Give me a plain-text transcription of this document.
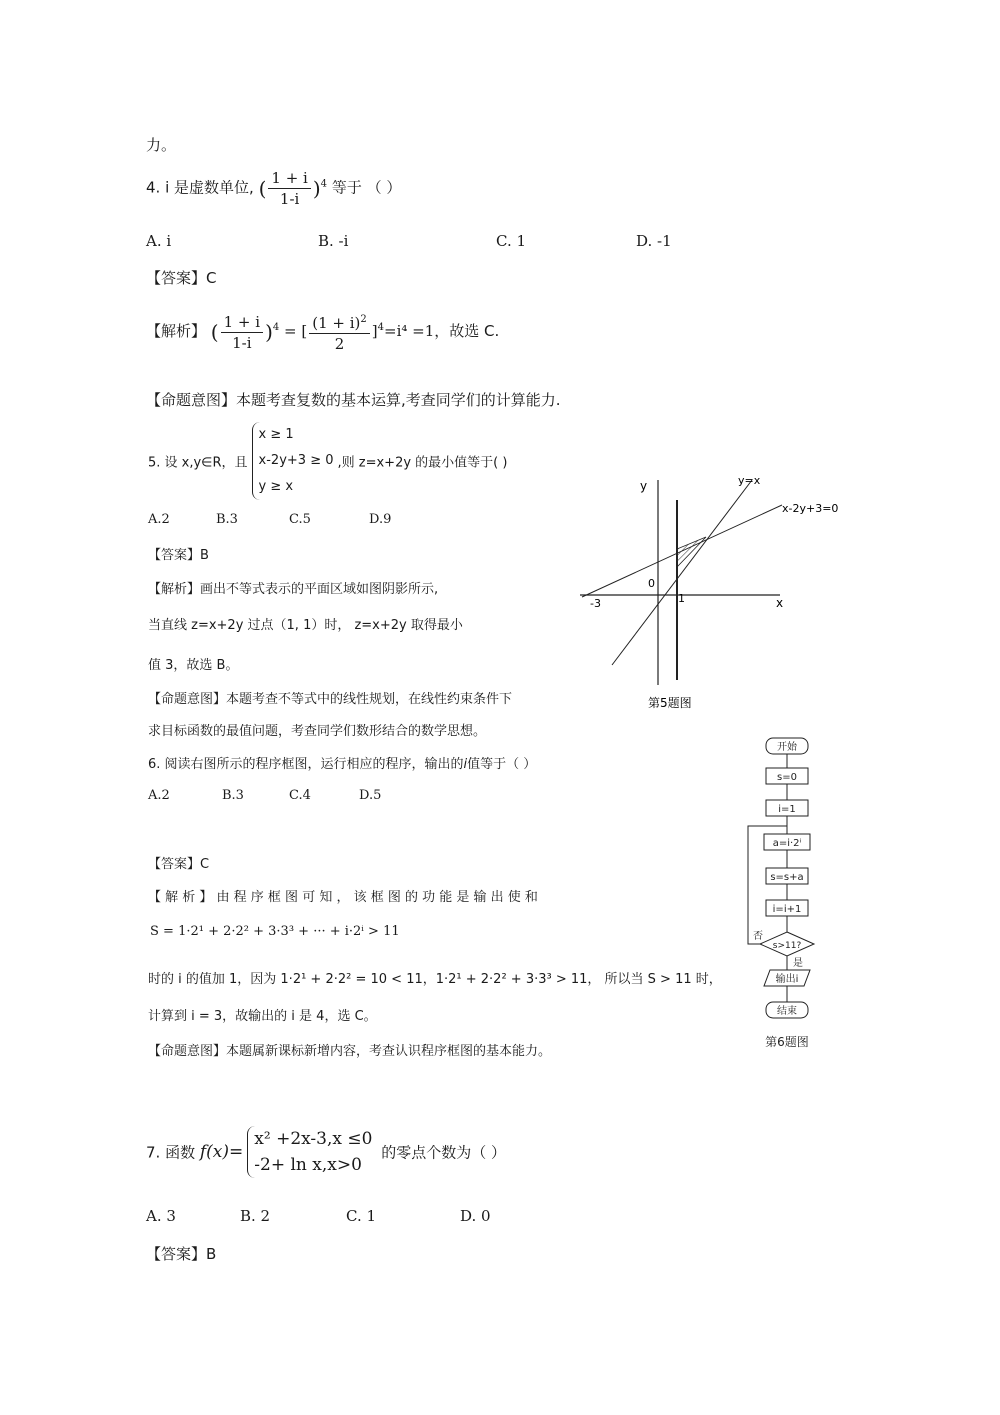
力。
4. i 是虚数单位, ( $\frac{1 + i}{1-i} )^4$ 等于 （ ）
A. i	B. -i	C. 1	D. -1
【答案】C
【解析】 ( $\frac{1 + i}{1-i} )^4$ = [ $\frac{(1 + i)^2}{2} ]^4=i^4 =1$，故选 C.
【命题意图】本题考查复数的基本运算,考查同学们的计算能力.
5. 设 x,y∈R，且
x ≥ 1
x-2y+3 ≥ 0
y ≥ x
,则 z=x+2y 的最小值等于( )
A.2	B.3	C.5	D.9
【答案】B
【解析】画出不等式表示的平面区域如图阴影所示,
当直线 z=x+2y 过点（1, 1）时， z=x+2y 取得最小
值 3，故选 B。
【命题意图】本题考查不等式中的线性规划，在线性约束条件下
求目标函数的最值问题，考查同学们数形结合的数学思想。
y
x
0
-3	1
y=x
x-2y+3=0
第5题图
6. 阅读右图所示的程序框图，运行相应的程序，输出的i值等于（ ）
A.2	B.3	C.4	D.5
【答案】C
【 解 析 】 由 程 序 框 图 可 知 ， 该 框 图 的 功 能 是 输 出 使 和
S = 1·2¹ + 2·2² + 3·3³ + ··· + i·2ⁱ > 11
时的 i 的值加 1，因为 1·2¹ + 2·2² = 10 < 11，1·2¹ + 2·2² + 3·3³ > 11， 所以当 S > 11 时，
计算到 i = 3，故输出的 i 是 4，选 C。
【命题意图】本题属新课标新增内容，考查认识程序框图的基本能力。
开始
s=0
i=1
a=i·2ⁱ
s=s+a
i=i+1
s>11?
否
是
输出i
结束
第6题图
7. 函数 f(x)=
x² +2x-3,x ≤0
-2+ ln x,x>0
的零点个数为（ ）
A. 3	B. 2	C. 1	D. 0
【答案】B
